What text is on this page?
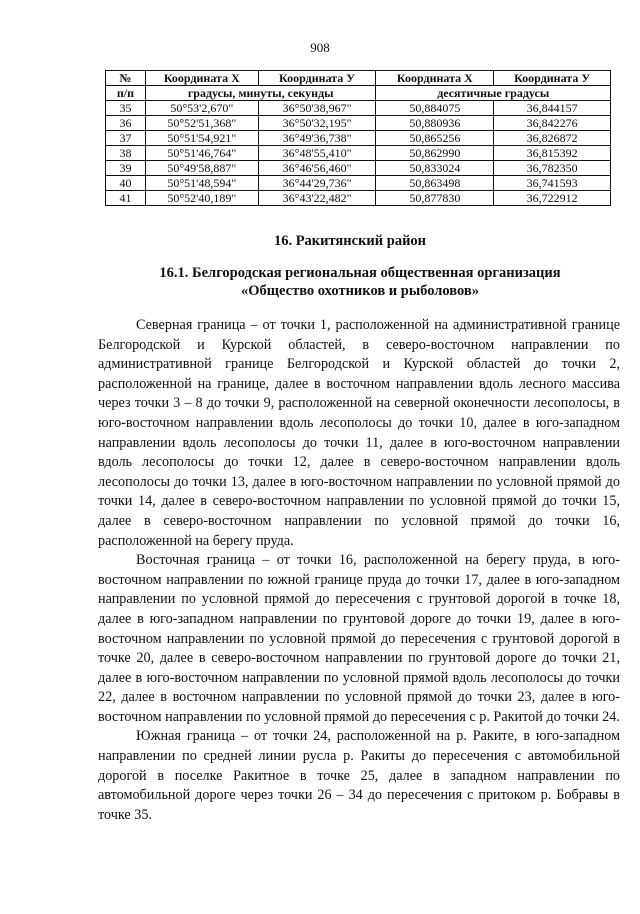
908
№	Координата Х	Координата У	Координата Х	Координата У
п/п	градусы, минуты, секунды		десятичные градусы	
35	50°53'2,670"	36°50'38,967"	50,884075	36,844157
36	50°52'51,368"	36°50'32,195"	50,880936	36,842276
37	50°51'54,921"	36°49'36,738"	50,865256	36,826872
38	50°51'46,764"	36°48'55,410"	50,862990	36,815392
39	50°49'58,887"	36°46'56,460"	50,833024	36,782350
40	50°51'48,594"	36°44'29,736"	50,863498	36,741593
41	50°52'40,189"	36°43'22,482"	50,877830	36,722912
16. Ракитянский район
16.1. Белгородская региональная общественная организация
«Общество охотников и рыболовов»

Северная граница – от точки 1, расположенной на административной границе Белгородской и Курской областей, в северо-восточном направлении по административной границе Белгородской и Курской областей до точки 2, расположенной на границе, далее в восточном направлении вдоль лесного массива через точки 3 – 8 до точки 9, расположенной на северной оконечности лесополосы, в юго-восточном направлении вдоль лесополосы до точки 10, далее в юго-западном направлении вдоль лесополосы до точки 11, далее в юго-восточном направлении вдоль лесополосы до точки 12, далее в северо-восточном направлении вдоль лесополосы до точки 13, далее в юго-восточном направлении по условной прямой до точки 14, далее в северо-восточном направлении по условной прямой до точки 15, далее в северо-восточном направлении по условной прямой до точки 16, расположенной на берегу пруда.

Восточная граница – от точки 16, расположенной на берегу пруда, в юго-восточном направлении по южной границе пруда до точки 17, далее в юго-западном направлении по условной прямой до пересечения с грунтовой дорогой в точке 18, далее в юго-западном направлении по грунтовой дороге до точки 19, далее в юго-восточном направлении по условной прямой до пересечения с грунтовой дорогой в точке 20, далее в северо-восточном направлении по грунтовой дороге до точки 21, далее в юго-восточном направлении по условной прямой вдоль лесополосы до точки 22, далее в восточном направлении по условной прямой до точки 23, далее в юго-восточном направлении по условной прямой до пересечения с р. Ракитой до точки 24.

Южная граница – от точки 24, расположенной на р. Раките, в юго-западном направлении по средней линии русла р. Ракиты до пересечения с автомобильной дорогой в поселке Ракитное в точке 25, далее в западном направлении по автомобильной дороге через точки 26 – 34 до пересечения с притоком р. Бобравы в точке 35.
